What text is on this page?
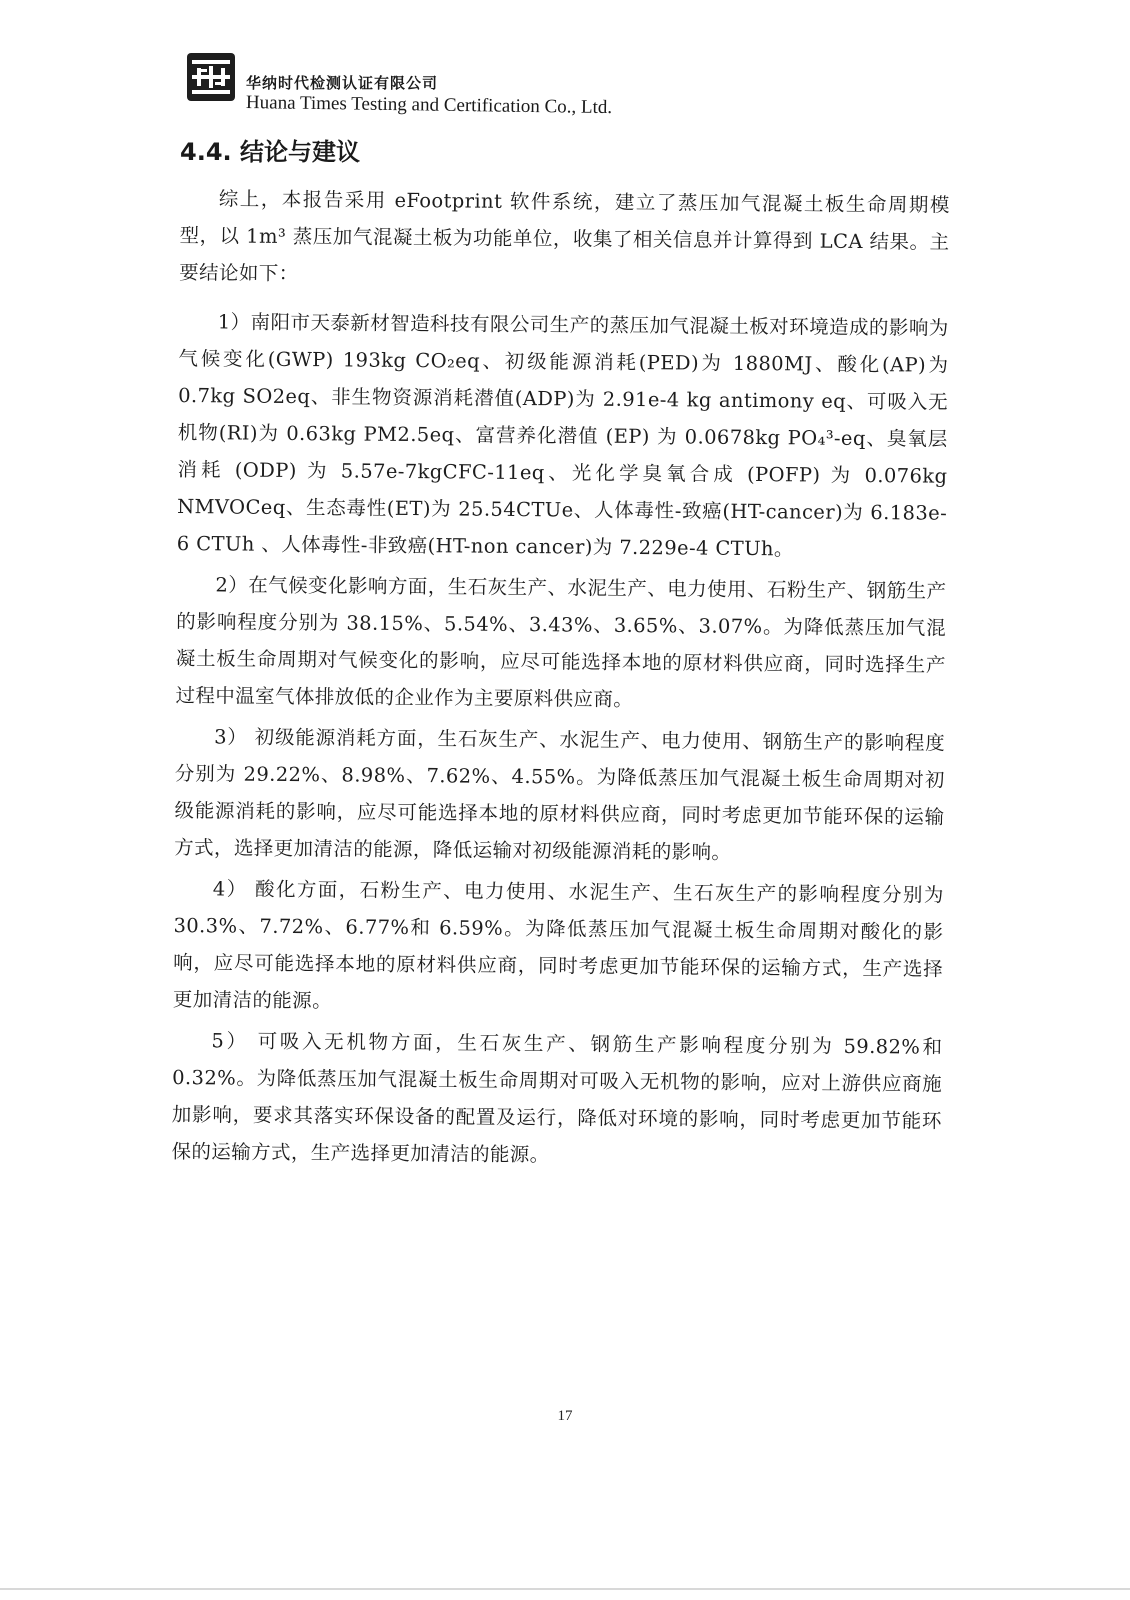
华纳时代检测认证有限公司
Huana Times Testing and Certification Co., Ltd.
4.4. 结论与建议

综上，本报告采用 eFootprint 软件系统，建立了蒸压加气混凝土板生命周期模型，以 1m³ 蒸压加气混凝土板为功能单位，收集了相关信息并计算得到 LCA 结果。主要结论如下：

1）南阳市天泰新材智造科技有限公司生产的蒸压加气混凝土板对环境造成的影响为气候变化(GWP) 193kg CO₂eq、初级能源消耗(PED)为 1880MJ、酸化(AP)为 0.7kg SO2eq、非生物资源消耗潜值(ADP)为 2.91e-4 kg antimony eq、可吸入无机物(RI)为 0.63kg PM2.5eq、富营养化潜值 (EP) 为 0.0678kg PO₄³-eq、臭氧层消耗 (ODP) 为 5.57e-7kgCFC-11eq、光化学臭氧合成 (POFP) 为 0.076kg NMVOCeq、生态毒性(ET)为 25.54CTUe、人体毒性-致癌(HT-cancer)为 6.183e-6 CTUh 、人体毒性-非致癌(HT-non cancer)为 7.229e-4 CTUh。

2）在气候变化影响方面，生石灰生产、水泥生产、电力使用、石粉生产、钢筋生产的影响程度分别为 38.15%、5.54%、3.43%、3.65%、3.07%。为降低蒸压加气混凝土板生命周期对气候变化的影响，应尽可能选择本地的原材料供应商，同时选择生产过程中温室气体排放低的企业作为主要原料供应商。

3） 初级能源消耗方面，生石灰生产、水泥生产、电力使用、钢筋生产的影响程度分别为 29.22%、8.98%、7.62%、4.55%。为降低蒸压加气混凝土板生命周期对初级能源消耗的影响，应尽可能选择本地的原材料供应商，同时考虑更加节能环保的运输方式，选择更加清洁的能源，降低运输对初级能源消耗的影响。

4） 酸化方面，石粉生产、电力使用、水泥生产、生石灰生产的影响程度分别为 30.3%、7.72%、6.77%和 6.59%。为降低蒸压加气混凝土板生命周期对酸化的影响，应尽可能选择本地的原材料供应商，同时考虑更加节能环保的运输方式，生产选择更加清洁的能源。

5） 可吸入无机物方面，生石灰生产、钢筋生产影响程度分别为 59.82%和 0.32%。为降低蒸压加气混凝土板生命周期对可吸入无机物的影响，应对上游供应商施加影响，要求其落实环保设备的配置及运行，降低对环境的影响，同时考虑更加节能环保的运输方式，生产选择更加清洁的能源。

17
